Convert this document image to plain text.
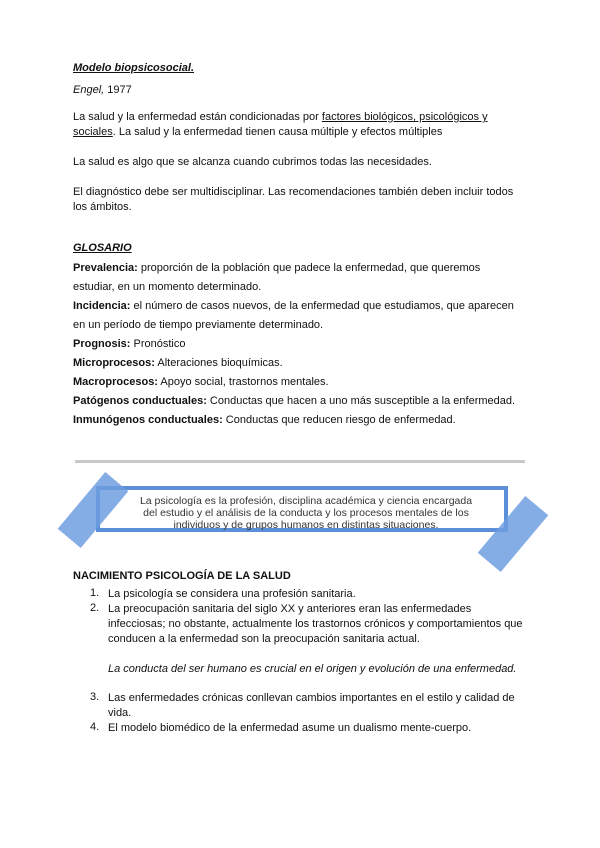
Modelo biopsicosocial.
Engel, 1977
La salud y la enfermedad están condicionadas por factores biológicos, psicológicos y
sociales. La salud y la enfermedad tienen causa múltiple y efectos múltiples
La salud es algo que se alcanza cuando cubrimos todas las necesidades.
El diagnóstico debe ser multidisciplinar. Las recomendaciones también deben incluir todos
los ámbitos.
GLOSARIO
Prevalencia: proporción de la población que padece la enfermedad, que queremos
estudiar, en un momento determinado.
Incidencia: el número de casos nuevos, de la enfermedad que estudiamos, que aparecen
en un período de tiempo previamente determinado.
Prognosis: Pronóstico
Microprocesos: Alteraciones bioquímicas.
Macroprocesos: Apoyo social, trastornos mentales.
Patógenos conductuales: Conductas que hacen a uno más susceptible a la enfermedad.
Inmunógenos conductuales: Conductas que reducen riesgo de enfermedad.
La psicología es la profesión, disciplina académica y ciencia encargada
del estudio y el análisis de la conducta y los procesos mentales de los
individuos y de grupos humanos en distintas situaciones.
NACIMIENTO PSICOLOGÍA DE LA SALUD
1. La psicología se considera una profesión sanitaria.
2. La preocupación sanitaria del siglo XX y anteriores eran las enfermedades
infecciosas; no obstante, actualmente los trastornos crónicos y comportamientos que
conducen a la enfermedad son la preocupación sanitaria actual.
La conducta del ser humano es crucial en el origen y evolución de una enfermedad.
3. Las enfermedades crónicas conllevan cambios importantes en el estilo y calidad de
vida.
4. El modelo biomédico de la enfermedad asume un dualismo mente-cuerpo.
